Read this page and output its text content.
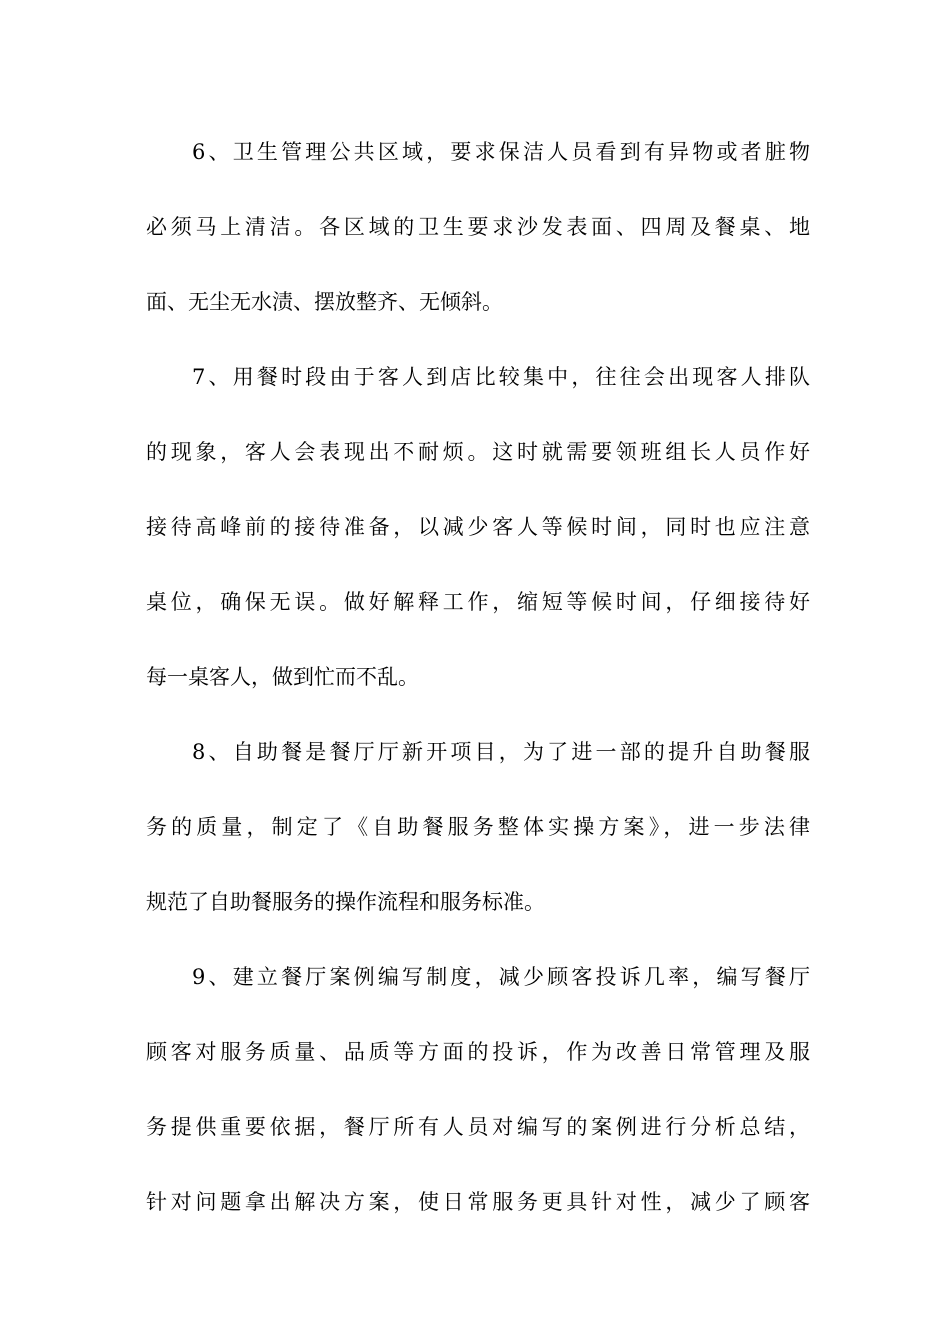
6、卫生管理公共区域，要求保洁人员看到有异物或者脏物
必须马上清洁。各区域的卫生要求沙发表面、四周及餐桌、地
面、无尘无水渍、摆放整齐、无倾斜。
7、用餐时段由于客人到店比较集中，往往会出现客人排队
的现象，客人会表现出不耐烦。这时就需要领班组长人员作好
接待高峰前的接待准备，以减少客人等候时间，同时也应注意
桌位，确保无误。做好解释工作，缩短等候时间，仔细接待好
每一桌客人，做到忙而不乱。
8、自助餐是餐厅厅新开项目，为了进一部的提升自助餐服
务的质量，制定了《自助餐服务整体实操方案》，进一步法律
规范了自助餐服务的操作流程和服务标准。
9、建立餐厅案例编写制度，减少顾客投诉几率，编写餐厅
顾客对服务质量、品质等方面的投诉，作为改善日常管理及服
务提供重要依据，餐厅所有人员对编写的案例进行分析总结，
针对问题拿出解决方案，使日常服务更具针对性，减少了顾客
